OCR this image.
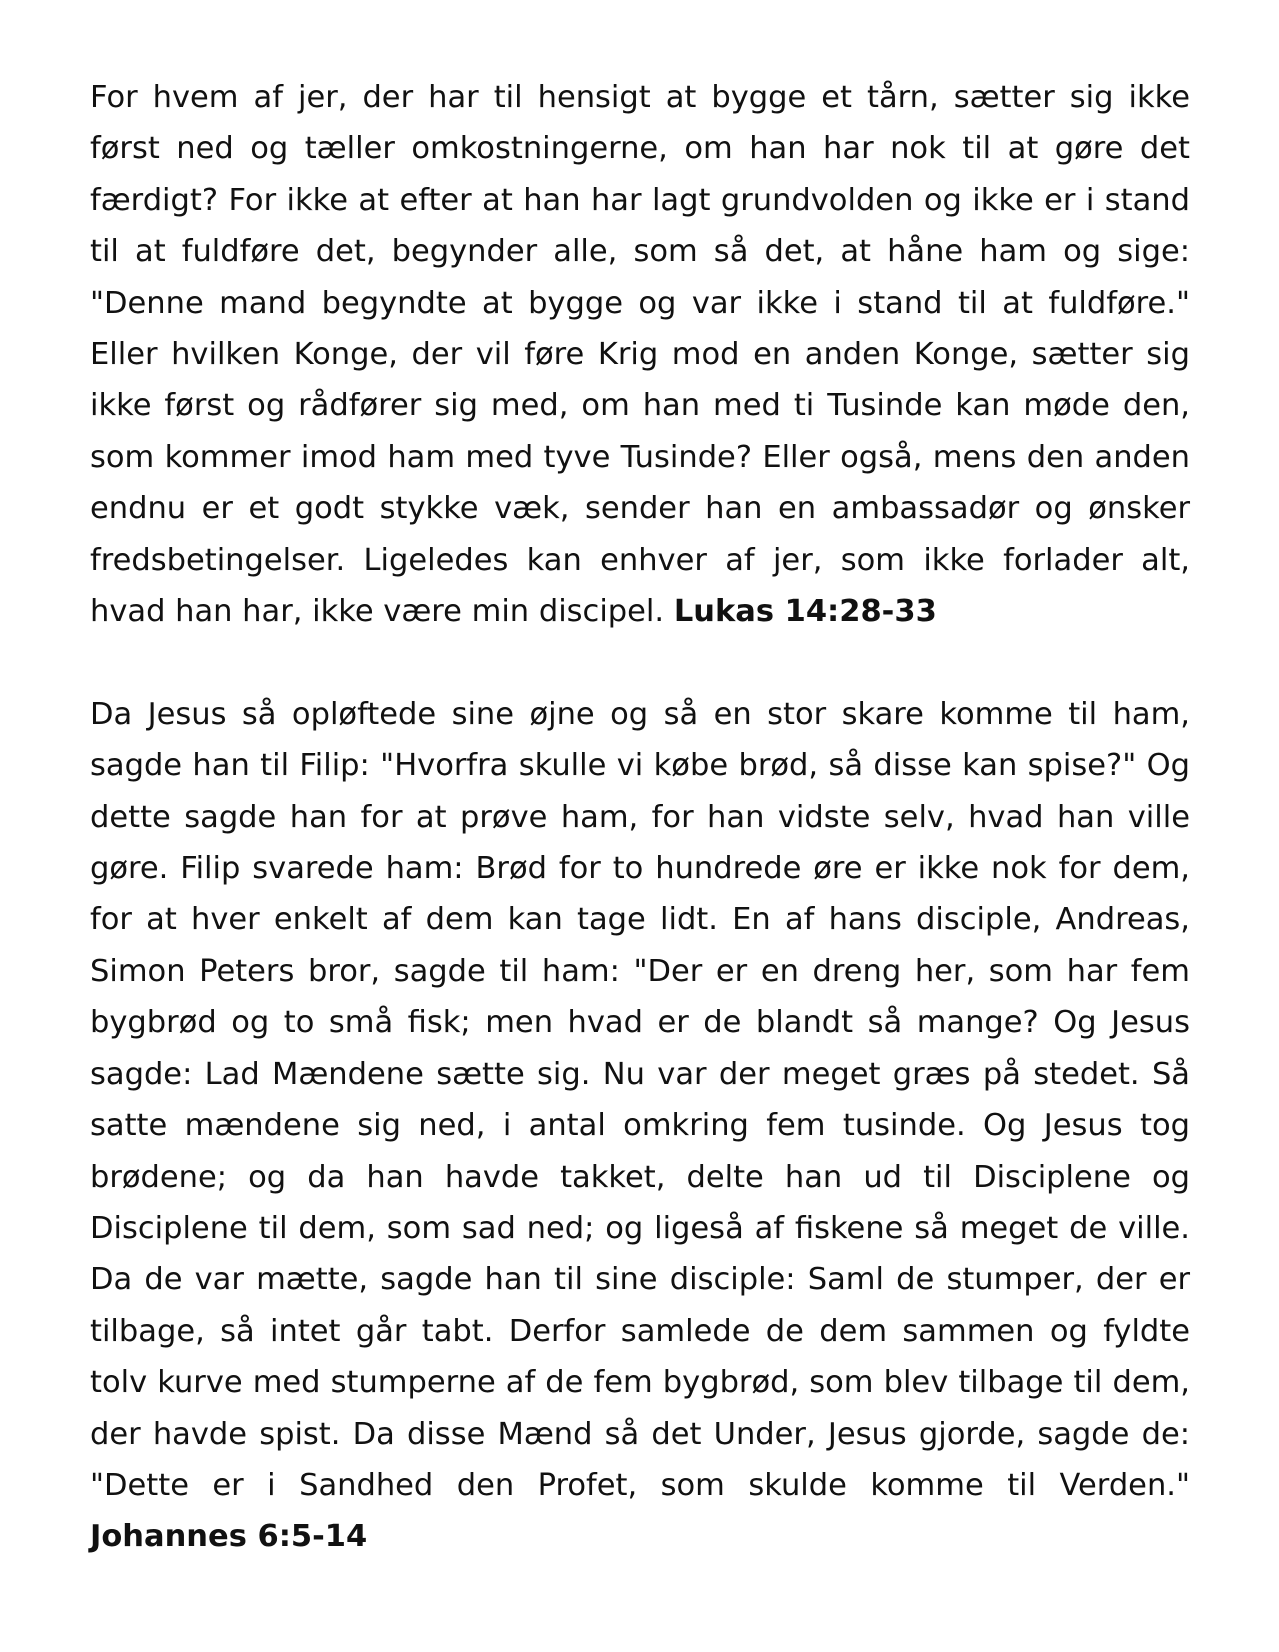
For hvem af jer, der har til hensigt at bygge et tårn, sætter sig ikke først ned og tæller omkostningerne, om han har nok til at gøre det færdigt? For ikke at efter at han har lagt grundvolden og ikke er i stand til at fuldføre det, begynder alle, som så det, at håne ham og sige: "Denne mand begyndte at bygge og var ikke i stand til at fuldføre." Eller hvilken Konge, der vil føre Krig mod en anden Konge, sætter sig ikke først og rådfører sig med, om han med ti Tusinde kan møde den, som kommer imod ham med tyve Tusinde? Eller også, mens den anden endnu er et godt stykke væk, sender han en ambassadør og ønsker fredsbetingelser. Ligeledes kan enhver af jer, som ikke forlader alt, hvad han har, ikke være min discipel. Lukas 14:28-33

Da Jesus så opløftede sine øjne og så en stor skare komme til ham, sagde han til Filip: "Hvorfra skulle vi købe brød, så disse kan spise?" Og dette sagde han for at prøve ham, for han vidste selv, hvad han ville gøre. Filip svarede ham: Brød for to hundrede øre er ikke nok for dem, for at hver enkelt af dem kan tage lidt. En af hans disciple, Andreas, Simon Peters bror, sagde til ham: "Der er en dreng her, som har fem bygbrød og to små fisk; men hvad er de blandt så mange? Og Jesus sagde: Lad Mændene sætte sig. Nu var der meget græs på stedet. Så satte mændene sig ned, i antal omkring fem tusinde. Og Jesus tog brødene; og da han havde takket, delte han ud til Disciplene og Disciplene til dem, som sad ned; og ligeså af fiskene så meget de ville. Da de var mætte, sagde han til sine disciple: Saml de stumper, der er tilbage, så intet går tabt. Derfor samlede de dem sammen og fyldte tolv kurve med stumperne af de fem bygbrød, som blev tilbage til dem, der havde spist. Da disse Mænd så det Under, Jesus gjorde, sagde de: "Dette er i Sandhed den Profet, som skulde komme til Verden." Johannes 6:5-14
